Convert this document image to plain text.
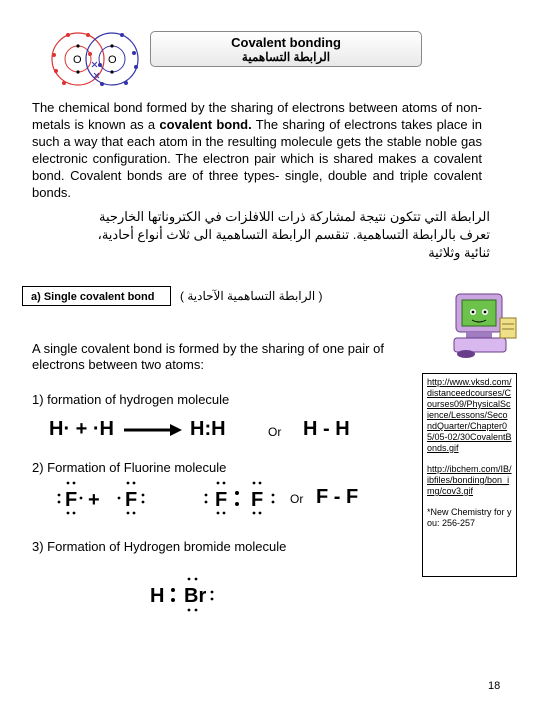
O O
Covalent bonding
الرابطة التساهمية
The chemical bond formed by the sharing of electrons between atoms of non-metals is known as a covalent bond. The sharing of electrons takes place in such a way that each atom in the resulting molecule gets the stable noble gas electronic configuration. The electron pair which is shared makes a covalent bond. Covalent bonds are of three types- single, double and triple covalent bonds.
الرابطة التي تتكون نتيجة لمشاركة ذرات اللافلزات في الكتروناتها الخارجية تعرف بالرابطة التساهمية. تنقسم الرابطة التساهمية الى ثلاث أنواع أحادية، ثنائية وثلاثية
a) Single covalent bond	( الرابطة التساهمية الآحادية )
A single covalent bond is formed by the sharing of one pair of electrons between two atoms:
1) formation of hydrogen molecule
H· + ·H → H:H	Or H - H
2) Formation of Fluorine molecule
F + F	F F Or F - F
3) Formation of Hydrogen bromide molecule
H Br
http://www.vksd.com/distanceedcourses/Courses09/PhysicalScience/Lessons/SecondQuarter/Chapter05/05-02/30CovalentBonds.gif
http://ibchem.com/IB/ibfiles/bonding/bon_img/cov3.gif
*New Chemistry for you: 256-257
18
